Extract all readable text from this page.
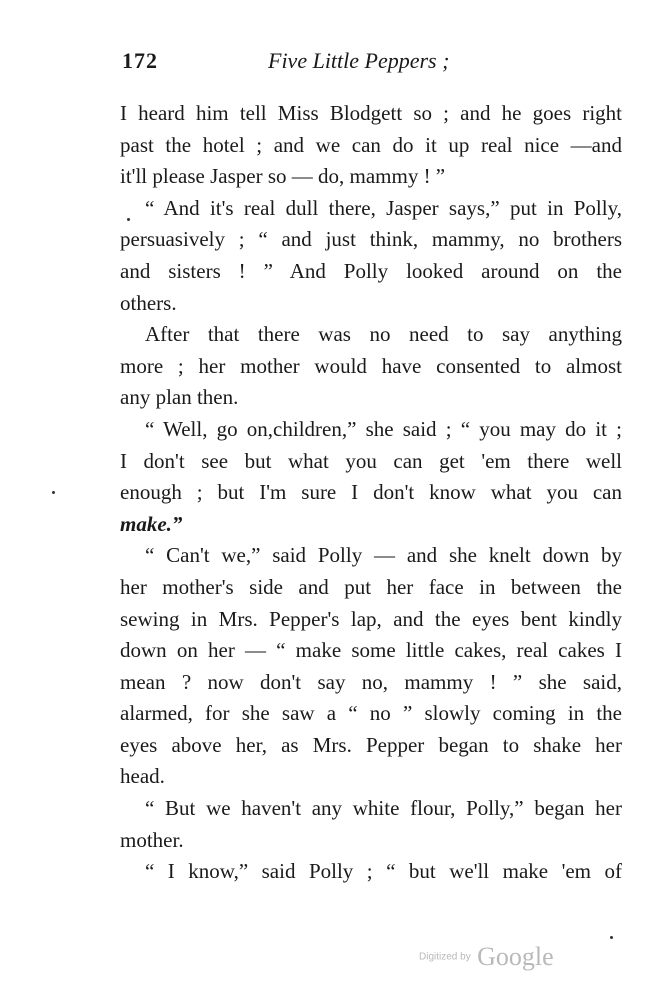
172	Five Little Peppers ;
I heard him tell Miss Blodgett so ; and he goes right
past the hotel ; and we can do it up real nice —and
it'll please Jasper so — do, mammy ! ”
“ And it's real dull there, Jasper says,” put in Polly,
persuasively ; “ and just think, mammy, no brothers
and sisters ! ” And Polly looked around on the
others.
After that there was no need to say anything
more ; her mother would have consented to almost
any plan then.
“ Well, go on,children,” she said ; “ you may do it ;
I don't see but what you can get 'em there well
enough ; but I'm sure I don't know what you can
make.”
“ Can't we,” said Polly — and she knelt down by
her mother's side and put her face in between the
sewing in Mrs. Pepper's lap, and the eyes bent kindly
down on her — “ make some little cakes, real cakes I
mean ? now don't say no, mammy ! ” she said,
alarmed, for she saw a “ no ” slowly coming in the
eyes above her, as Mrs. Pepper began to shake her
head.
“ But we haven't any white flour, Polly,” began her
mother.
“ I know,” said Polly ; “ but we'll make 'em of
Digitized by Google
